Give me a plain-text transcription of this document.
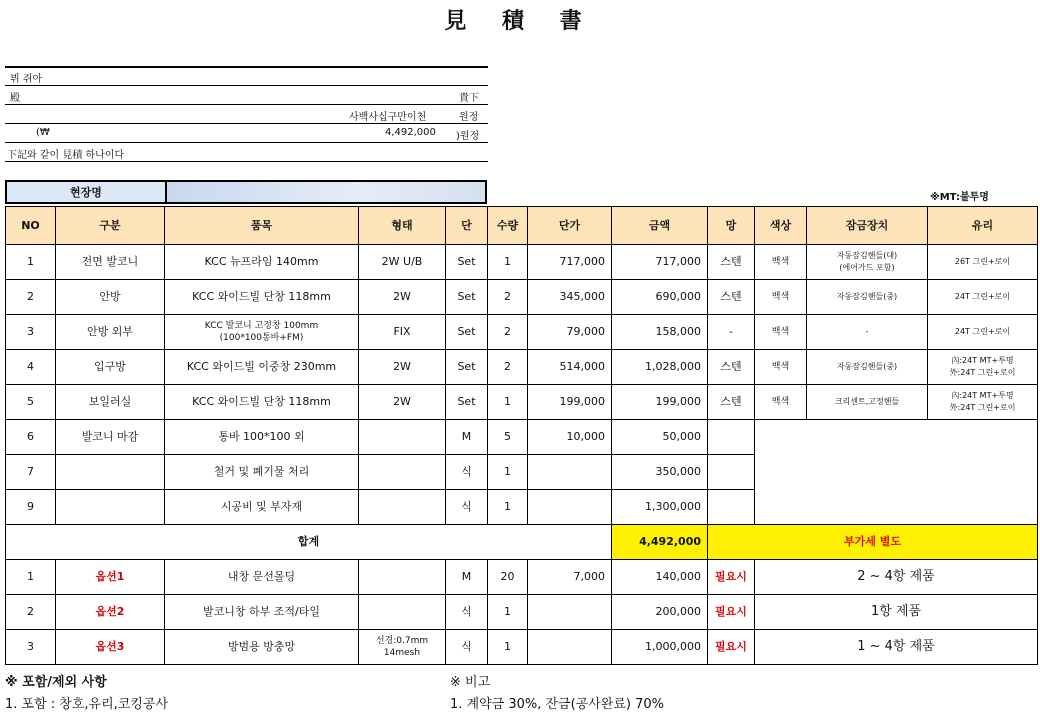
見 積 書
뷔 쥐아
殿	貴下
사백사십구만이천	원정
(₩	4,492,000 )원정
下記와 같이 見積 하나이다
현장명	※MT:불투명
NO	구분	품목	형태	단	수량	단가	금액	망	색상	잠금장치	유리
1	전면 발코니	KCC 뉴프라임 140mm	2W U/B	Set	1	717,000	717,000	스텐	백색	자동잠김핸들(대)
(에어가드 포함)	26T 그린+로이
2	안방	KCC 와이드빌 단창 118mm	2W	Set	2	345,000	690,000	스텐	백색	자동잠김핸들(중)	24T 그린+로이
3	안방 외부	KCC 발코니 고정창 100mm
(100*100통바+FM)	FIX	Set	2	79,000	158,000	-	백색	-	24T 그린+로이
4	입구방	KCC 와이드빌 이중창 230mm	2W	Set	2	514,000	1,028,000	스텐	백색	자동잠김핸들(중)	內:24T MT+투명
外:24T 그린+로이
5	보일러실	KCC 와이드빌 단창 118mm	2W	Set	1	199,000	199,000	스텐	백색	크리센트,고정핸들	內:24T MT+투명
外:24T 그린+로이
6	발코니 마감	통바 100*100 외		M	5	10,000	50,000				
7		철거 및 폐기물 처리		식	1		350,000				
9		시공비 및 부자재		식	1		1,300,000				
합계							4,492,000	부가세 별도			
1	옵션1	내창 문선몰딩		M	20	7,000	140,000	필요시	2 ~ 4항 제품		
2	옵션2	발코니창 하부 조적/타일		식	1		200,000	필요시	1항 제품		
3	옵션3	방범용 방충망	선경:0.7mm
14mesh	식	1		1,000,000	필요시	1 ~ 4항 제품		
※ 포함/제외 사항
1. 포함 : 창호,유리,코킹공사
※ 비고
1. 계약금 30%, 잔금(공사완료) 70%
